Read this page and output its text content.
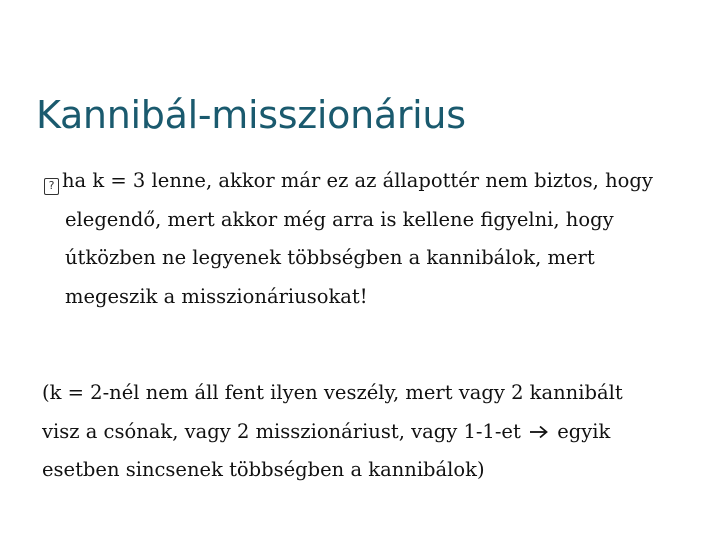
Kannibál-misszionárius
? ha k = 3 lenne, akkor már ez az állapottér nem biztos, hogy
elegendő, mert akkor még arra is kellene figyelni, hogy
útközben ne legyenek többségben a kannibálok, mert
megeszik a misszionáriusokat!
(k = 2-nél nem áll fent ilyen veszély, mert vagy 2 kannibált
visz a csónak, vagy 2 misszionáriust, vagy 1-1-et egyik
esetben sincsenek többségben a kannibálok)
